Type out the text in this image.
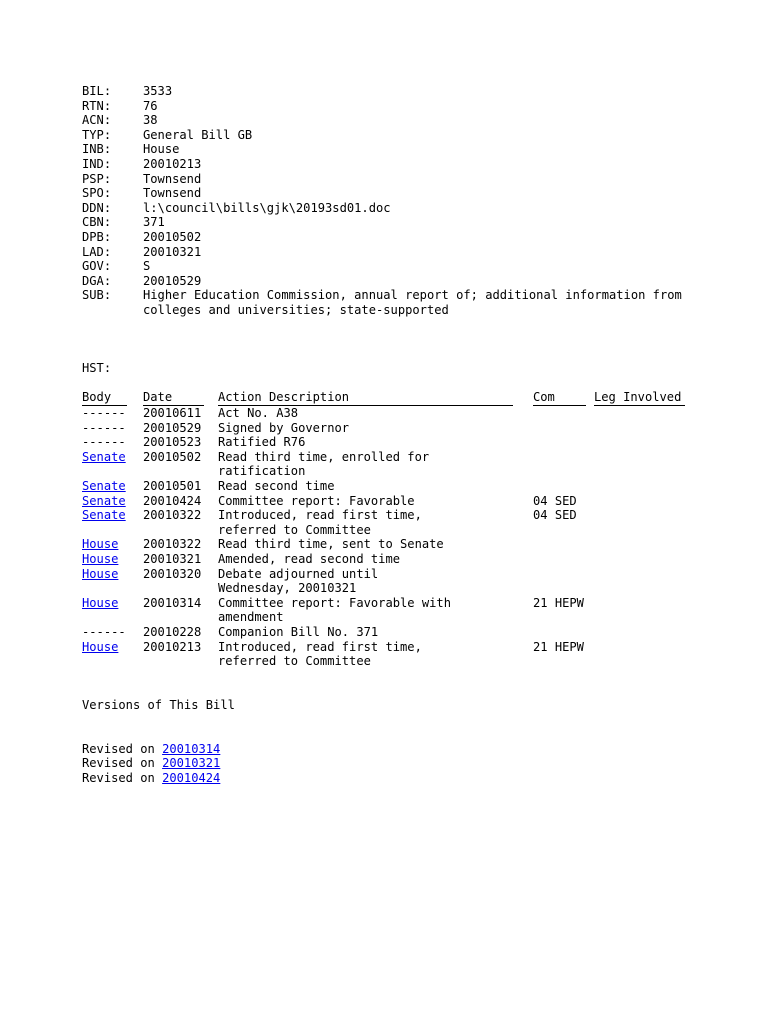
BIL:	3533
RTN:	76
ACN:	38
TYP:	General Bill GB
INB:	House
IND:	20010213
PSP:	Townsend
SPO:	Townsend
DDN:	l:\council\bills\gjk\20193sd01.doc
CBN:	371
DPB:	20010502
LAD:	20010321
GOV:	S
DGA:	20010529
SUB:	Higher Education Commission, annual report of; additional information from colleges and universities; state-supported
HST:
Body	Date	Action Description	Com	Leg Involved

------	20010611	Act No. A38		

------	20010529	Signed by Governor		

------	20010523	Ratified R76		

Senate	20010502	Read third time, enrolled for ratification		

Senate	20010501	Read second time		

Senate	20010424	Committee report: Favorable	04 SED	
Senate	20010322	Introduced, read first time, referred to Committee	04 SED	
House	20010322	Read third time, sent to Senate		

House	20010321	Amended, read second time		

House	20010320	Debate adjourned until Wednesday, 20010321		

House	20010314	Committee report: Favorable with amendment	21 HEPW	
------	20010228	Companion Bill No. 371		

House	20010213	Introduced, read first time, referred to Committee	21 HEPW	
Versions of This Bill
Revised on 20010314
Revised on 20010321
Revised on 20010424
